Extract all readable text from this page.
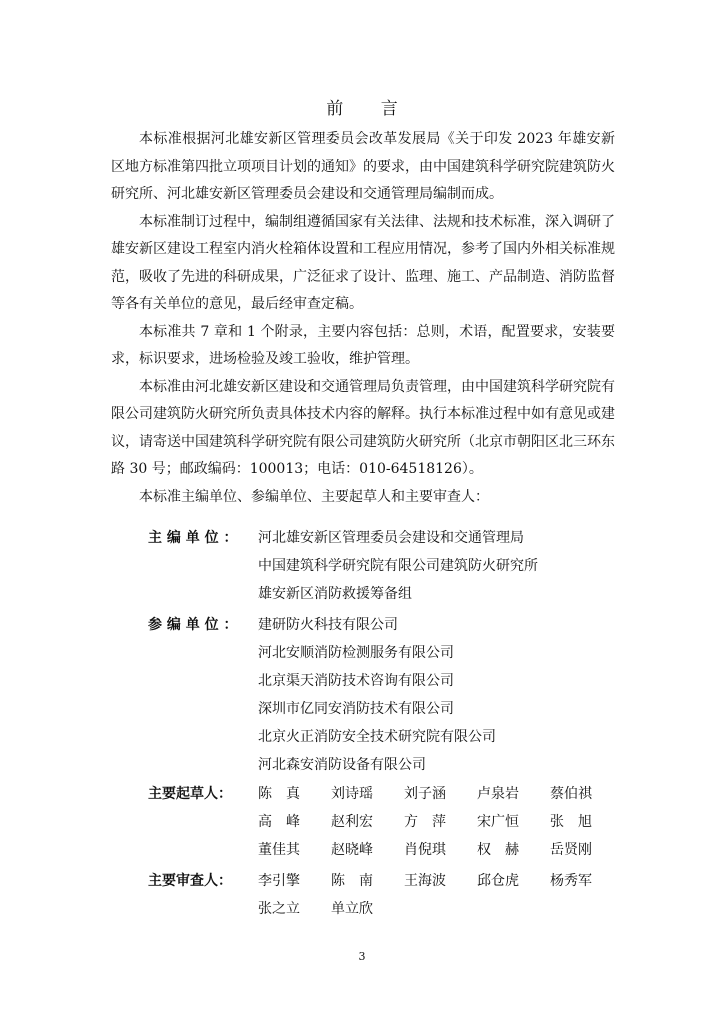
前 言

本标准根据河北雄安新区管理委员会改革发展局《关于印发 2023 年雄安新区地方标准第四批立项项目计划的通知》的要求，由中国建筑科学研究院建筑防火研究所、河北雄安新区管理委员会建设和交通管理局编制而成。

本标准制订过程中，编制组遵循国家有关法律、法规和技术标准，深入调研了雄安新区建设工程室内消火栓箱体设置和工程应用情况，参考了国内外相关标准规范，吸收了先进的科研成果，广泛征求了设计、监理、施工、产品制造、消防监督等各有关单位的意见，最后经审查定稿。

本标准共 7 章和 1 个附录，主要内容包括：总则，术语，配置要求，安装要求，标识要求，进场检验及竣工验收，维护管理。

本标准由河北雄安新区建设和交通管理局负责管理，由中国建筑科学研究院有限公司建筑防火研究所负责具体技术内容的解释。执行本标准过程中如有意见或建议，请寄送中国建筑科学研究院有限公司建筑防火研究所（北京市朝阳区北三环东路 30 号；邮政编码：100013；电话：010-64518126）。

本标准主编单位、参编单位、主要起草人和主要审查人：

主 编 单 位 ：	河北雄安新区管理委员会建设和交通管理局
中国建筑科学研究院有限公司建筑防火研究所
雄安新区消防救援筹备组
参 编 单 位 ：	建研防火科技有限公司
河北安顺消防检测服务有限公司
北京渠天消防技术咨询有限公司
深圳市亿同安消防技术有限公司
北京火正消防安全技术研究院有限公司
河北森安消防设备有限公司
主要起草人：	陈　真 刘诗瑶 刘子涵 卢泉岩 蔡伯祺
高　峰 赵利宏 方　萍 宋广恒 张　旭
董佳其 赵晓峰 肖倪琪 权　赫 岳贤刚
主要审查人：	李引擎 陈　南 王海波 邱仓虎 杨秀军
张之立 单立欣
3
